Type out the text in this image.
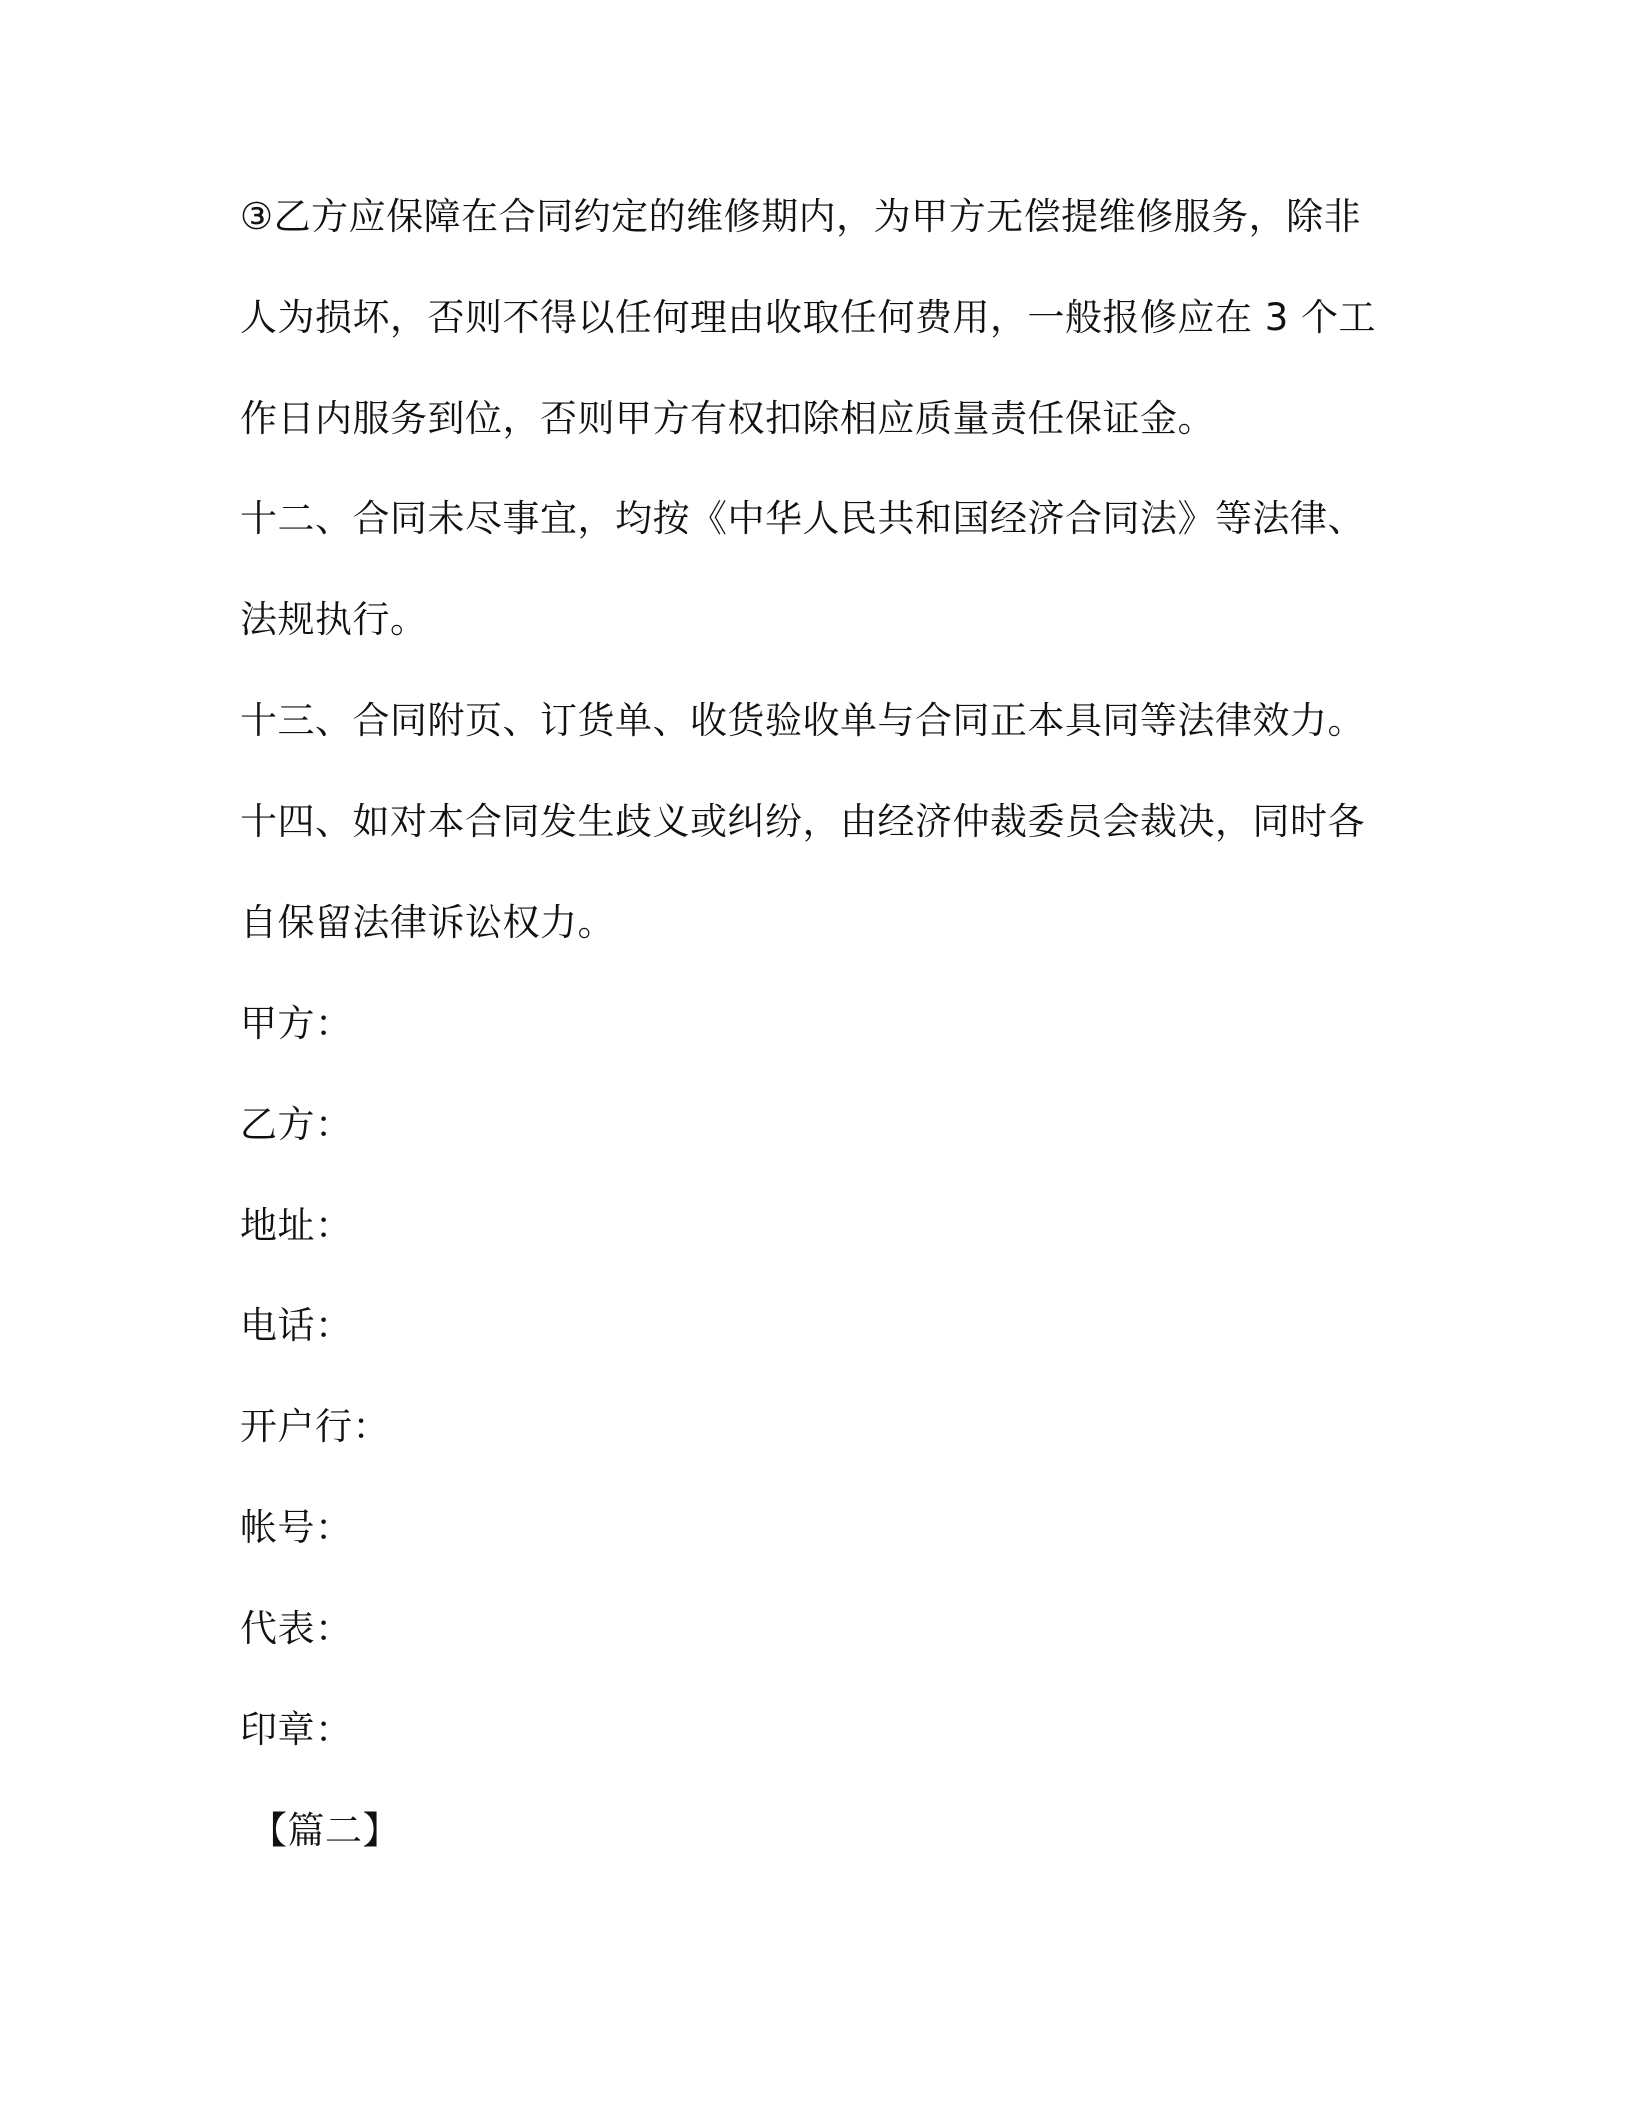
③乙方应保障在合同约定的维修期内，为甲方无偿提维修服务，除非
人为损坏，否则不得以任何理由收取任何费用，一般报修应在 3 个工
作日内服务到位，否则甲方有权扣除相应质量责任保证金。
十二、合同未尽事宜，均按《中华人民共和国经济合同法》等法律、
法规执行。
十三、合同附页、订货单、收货验收单与合同正本具同等法律效力。
十四、如对本合同发生歧义或纠纷，由经济仲裁委员会裁决，同时各
自保留法律诉讼权力。
甲方：
乙方：
地址：
电话：
开户行：
帐号：
代表：
印章：
【篇二】
